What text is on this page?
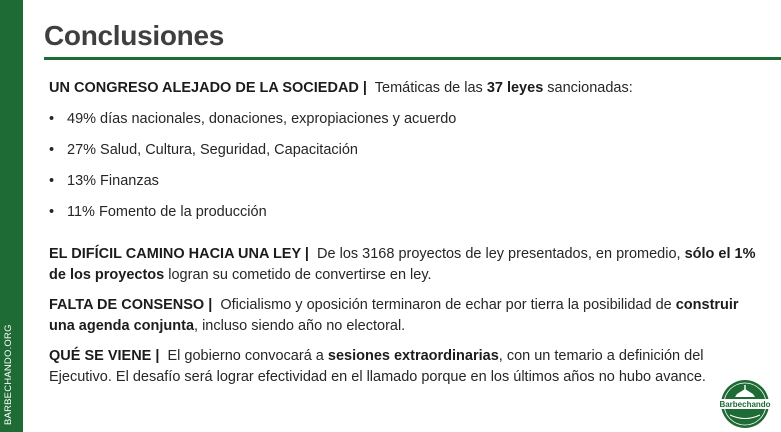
BARBECHANDO.ORG
Conclusiones

UN CONGRESO ALEJADO DE LA SOCIEDAD | Temáticas de las 37 leyes sancionadas:

• 49% días nacionales, donaciones, expropiaciones y acuerdo
• 27% Salud, Cultura, Seguridad, Capacitación
• 13% Finanzas
• 11% Fomento de la producción

EL DIFÍCIL CAMINO HACIA UNA LEY | De los 3168 proyectos de ley presentados, en promedio, sólo el 1% de los proyectos logran su cometido de convertirse en ley.

FALTA DE CONSENSO | Oficialismo y oposición terminaron de echar por tierra la posibilidad de construir una agenda conjunta, incluso siendo año no electoral.

QUÉ SE VIENE | El gobierno convocará a sesiones extraordinarias, con un temario a definición del Ejecutivo. El desafío será lograr efectividad en el llamado porque en los últimos años no hubo avance.

Barbechando
